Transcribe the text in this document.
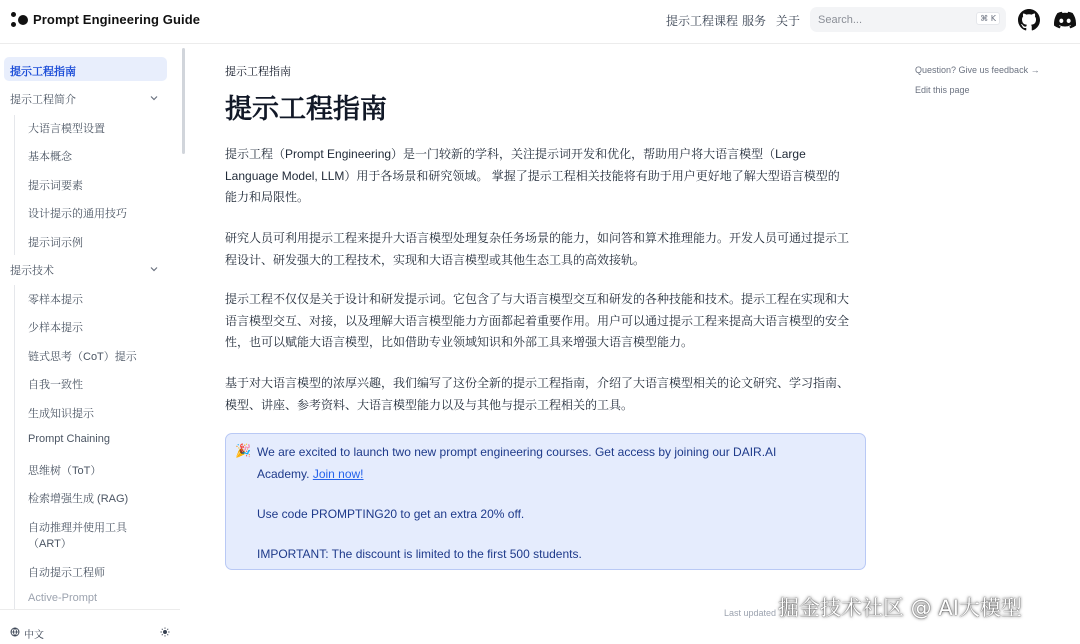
Prompt Engineering Guide	提示工程课程 服务 关于
Search...	⌘ K
提示工程指南
提示工程简介
大语言模型设置
基本概念
提示词要素
设计提示的通用技巧
提示词示例
提示技术
零样本提示
少样本提示
链式思考（CoT）提示
自我一致性
生成知识提示
Prompt Chaining
思维树（ToT）
检索增强生成 (RAG)
自动推理并使用工具
（ART）
自动提示工程师
Active-Prompt
中文
提示工程指南
提示工程指南
提示工程（Prompt Engineering）是一门较新的学科，关注提示词开发和优化，帮助用户将大语言模型（Large
Language Model, LLM）用于各场景和研究领域。 掌握了提示工程相关技能将有助于用户更好地了解大型语言模型的
能力和局限性。
研究人员可利用提示工程来提升大语言模型处理复杂任务场景的能力，如问答和算术推理能力。开发人员可通过提示工
程设计、研发强大的工程技术，实现和大语言模型或其他生态工具的高效接轨。
提示工程不仅仅是关于设计和研发提示词。它包含了与大语言模型交互和研发的各种技能和技术。提示工程在实现和大
语言模型交互、对接，以及理解大语言模型能力方面都起着重要作用。用户可以通过提示工程来提高大语言模型的安全
性，也可以赋能大语言模型，比如借助专业领域知识和外部工具来增强大语言模型能力。
基于对大语言模型的浓厚兴趣，我们编写了这份全新的提示工程指南，介绍了大语言模型相关的论文研究、学习指南、
模型、讲座、参考资料、大语言模型能力以及与其他与提示工程相关的工具。
🎉 We are excited to launch two new prompt engineering courses. Get access by joining our DAIR.AI
Academy. Join now!
Use code PROMPTING20 to get an extra 20% off.
IMPORTANT: The discount is limited to the first 500 students.
Question? Give us feedback →
Edit this page
Last updated 掘金技术社区 @ AI大模型
